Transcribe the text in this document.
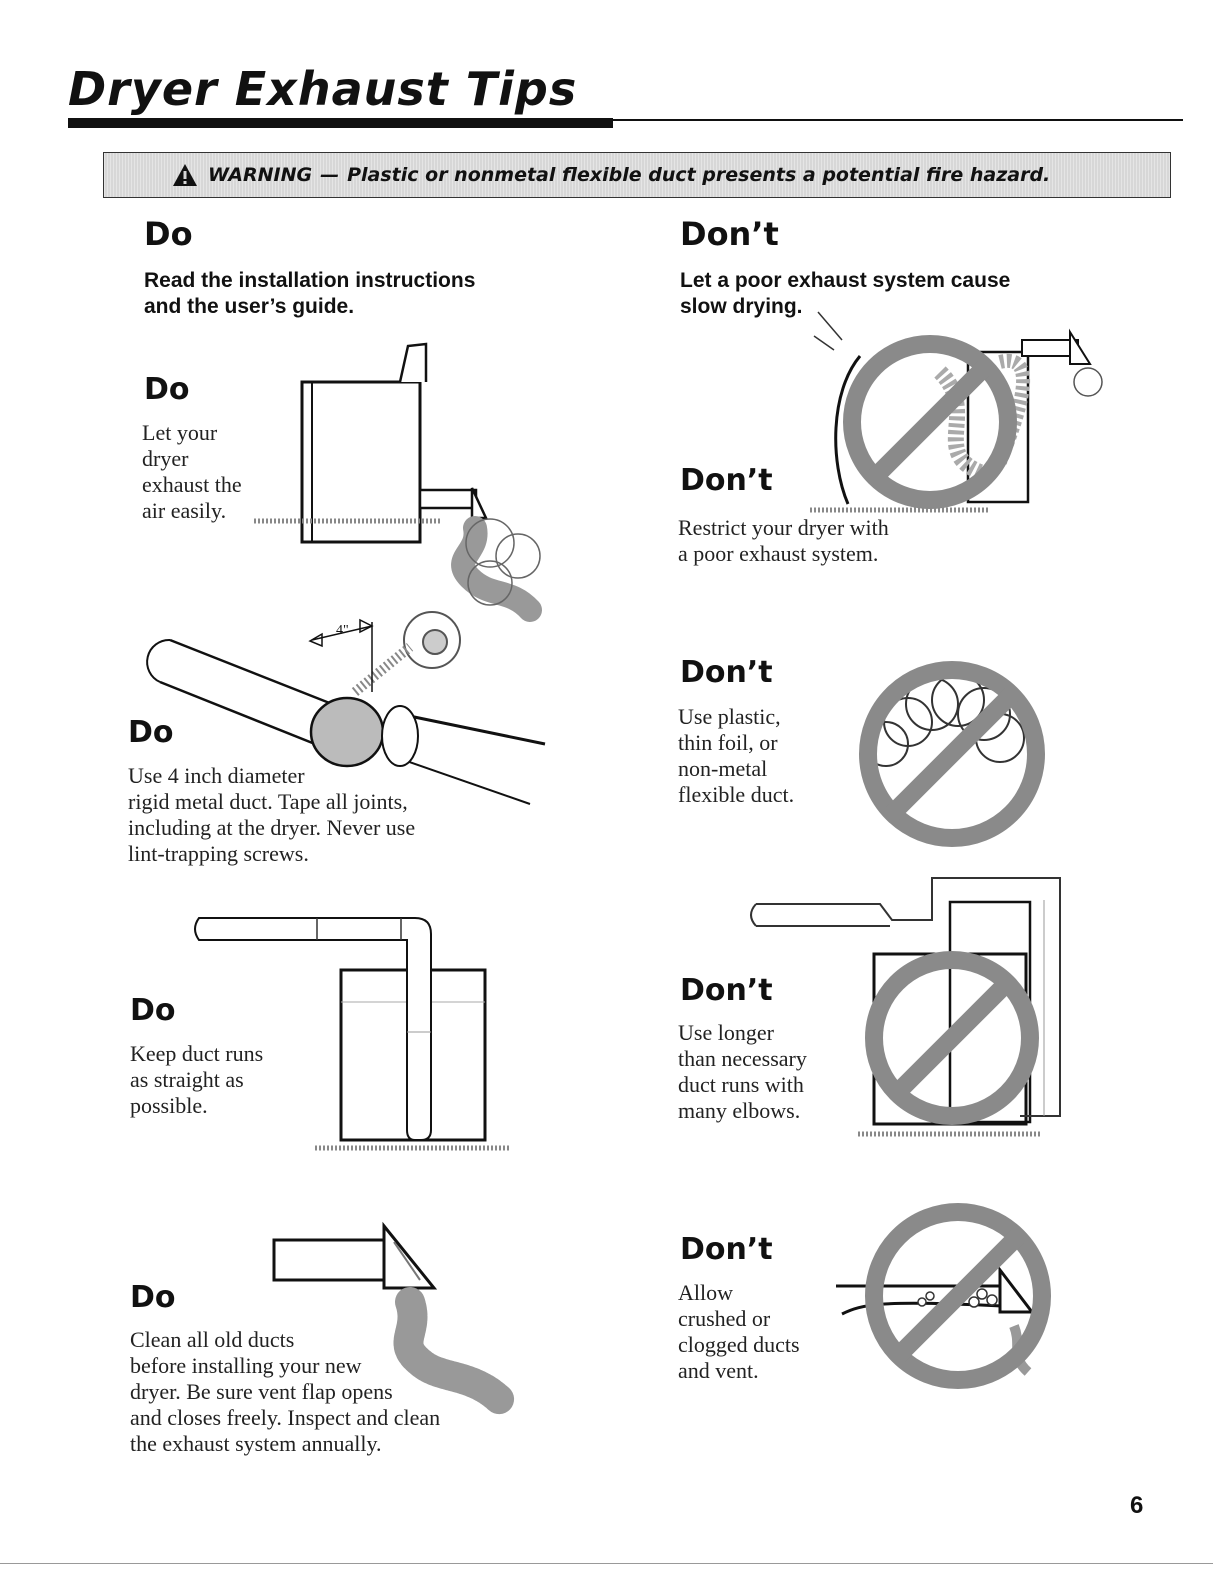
Dryer Exhaust Tips
WARNING — Plastic or nonmetal flexible duct presents a potential fire hazard.
Do
Read the installation instructions
and the user’s guide.
Don’t
Let a poor exhaust system cause
slow drying.
Do
Let your
dryer
exhaust the
air easily.
Do
Use 4 inch diameter
rigid metal duct. Tape all joints,
including at the dryer. Never use
lint-trapping screws.
4"
Do
Keep duct runs
as straight as
possible.
Do
Clean all old ducts
before installing your new
dryer. Be sure vent flap opens
and closes freely. Inspect and clean
the exhaust system annually.
Don’t
Restrict your dryer with
a poor exhaust system.
Don’t
Use plastic,
thin foil, or
non-metal
flexible duct.
Don’t
Use longer
than necessary
duct runs with
many elbows.
Don’t
Allow
crushed or
clogged ducts
and vent.
6
